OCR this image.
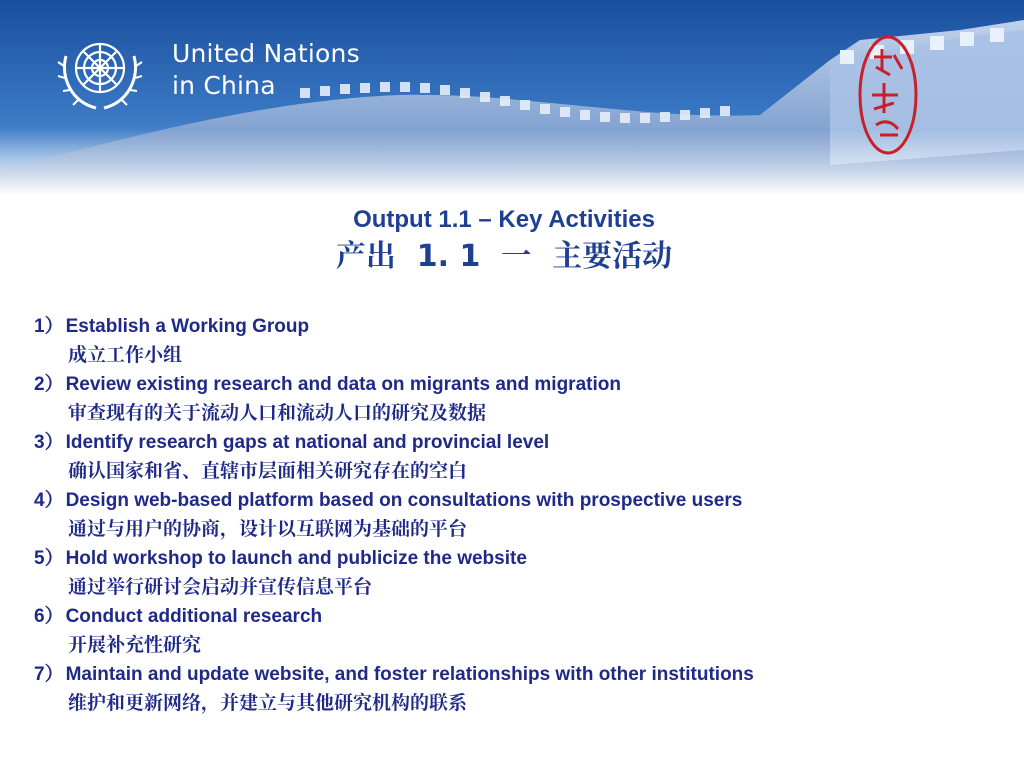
United Nations
in China
Output 1.1 – Key Activities
产出  1. 1  一  主要活动
1） Establish a Working Group
成立工作小组
2） Review existing research and data on migrants and migration
审查现有的关于流动人口和流动人口的研究及数据
3） Identify research gaps at national and provincial level
确认国家和省、直辖市层面相关研究存在的空白
4） Design web-based platform based on consultations with prospective users
通过与用户的协商，设计以互联网为基础的平台
5） Hold workshop to launch and publicize the website
通过举行研讨会启动并宣传信息平台
6） Conduct additional research
开展补充性研究
7） Maintain and update website, and foster relationships with other institutions
维护和更新网络，并建立与其他研究机构的联系
